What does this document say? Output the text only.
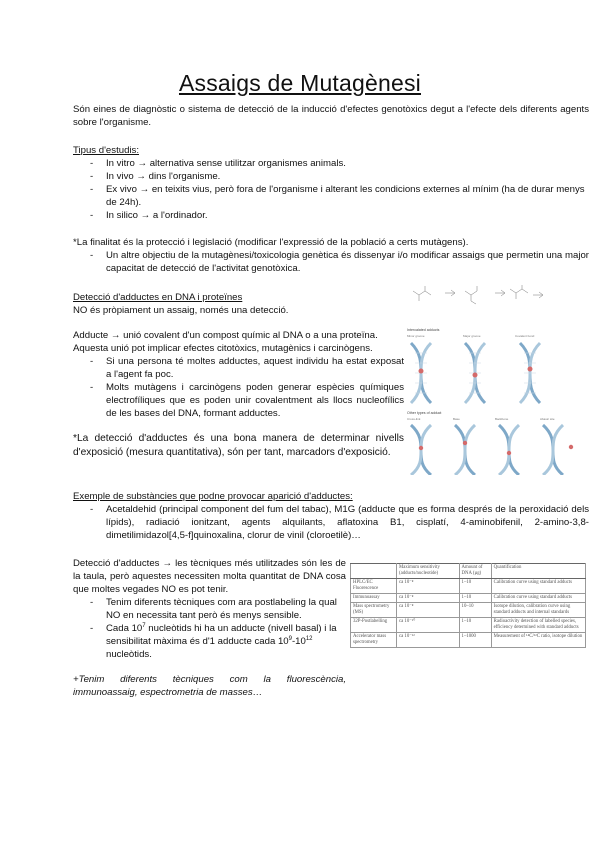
Assaigs de Mutagènesi

Són eines de diagnòstic o sistema de detecció de la inducció d'efectes genotòxics degut a l'efecte dels diferents agents sobre l'organisme.

Tipus d'estudis:

- In vitro → alternativa sense utilitzar organismes animals.
- In vivo → dins l'organisme.
- Ex vivo → en teixits vius, però fora de l'organisme i alterant les condicions externes al mínim (ha de durar menys de 24h).
- In silico → a l'ordinador.

*La finalitat és la protecció i legislació (modificar l'expressió de la població a certs mutàgens).

- Un altre objectiu de la mutagènesi/toxicologia genètica és dissenyar i/o modificar assaigs que permetin una major capacitat de detecció de l'activitat genotòxica.

Detecció d'adductes en DNA i proteïnes

NO és pròpiament un assaig, només una detecció.

Adducte → unió covalent d'un compost químic al DNA o a una proteïna. Aquesta unió pot implicar efectes citotòxics, mutagènics i carcinògens.

- Si una persona té moltes adductes, aquest individu ha estat exposat a l'agent fa poc.
- Molts mutàgens i carcinògens poden generar espècies químiques electrofíliques que es poden unir covalentment als llocs nucleofílics de les bases del DNA, formant adductes.

*La detecció d'adductes és una bona manera de determinar nivells d'exposició (mesura quantitativa), són per tant, marcadors d'exposició.

Intercalated adducts
Minor groove	Major groove	Covalent bond
Other types of adduct
Cross-link	Base	Backbone	Abasic site

Exemple de substàncies que podne provocar aparició d'adductes:

- Acetaldehid (principal component del fum del tabac), M1G (adducte que es forma després de la peroxidació dels lípids), radiació ionitzant, agents alquilants, aflatoxina B1, cisplatí, 4-aminobifenil, 2-amino-3,8-dimetilimidazol[4,5-f]quinoxalina, clorur de vinil (cloroetilè)…

Detecció d'adductes → les tècniques més utilitzades són les de la taula, però aquestes necessiten molta quantitat de DNA cosa que moltes vegades NO es pot tenir.

- Tenim diferents tècniques com ara postlabeling la qual NO en necessita tant però és menys sensible.
- Cada $10^7$ nucleòtids hi ha un adducte (nivell basal) i la sensibilitat màxima és d'1 adducte cada $10^9-10^{12}$ nucleòtids.

+Tenim diferents tècniques com la fluorescència, immunoassaig, espectrometria de masses…

	Maximum sensitivity (adducts/nucleotide)	Amount of DNA (µg)	Quantification
HPLC/EC Fluorescence	ca 10⁻⁸	1–10	Calibration curve using standard adducts
Immunoassay	ca 10⁻⁸	1–10	Calibration curve using standard adducts
Mass spectrometry (MS)	ca 10⁻⁸	10–10	Isotope dilution, calibration curve using standard adducts and internal standards
32P-Postlabelling	ca 10⁻¹⁰	1–10	Radioactivity detection of labelled species, efficiency determined with standard adducts
Accelerator mass spectrometry	ca 10⁻¹²	1–1000	Measurement of ¹⁴C/¹²C ratio, isotope dilution
